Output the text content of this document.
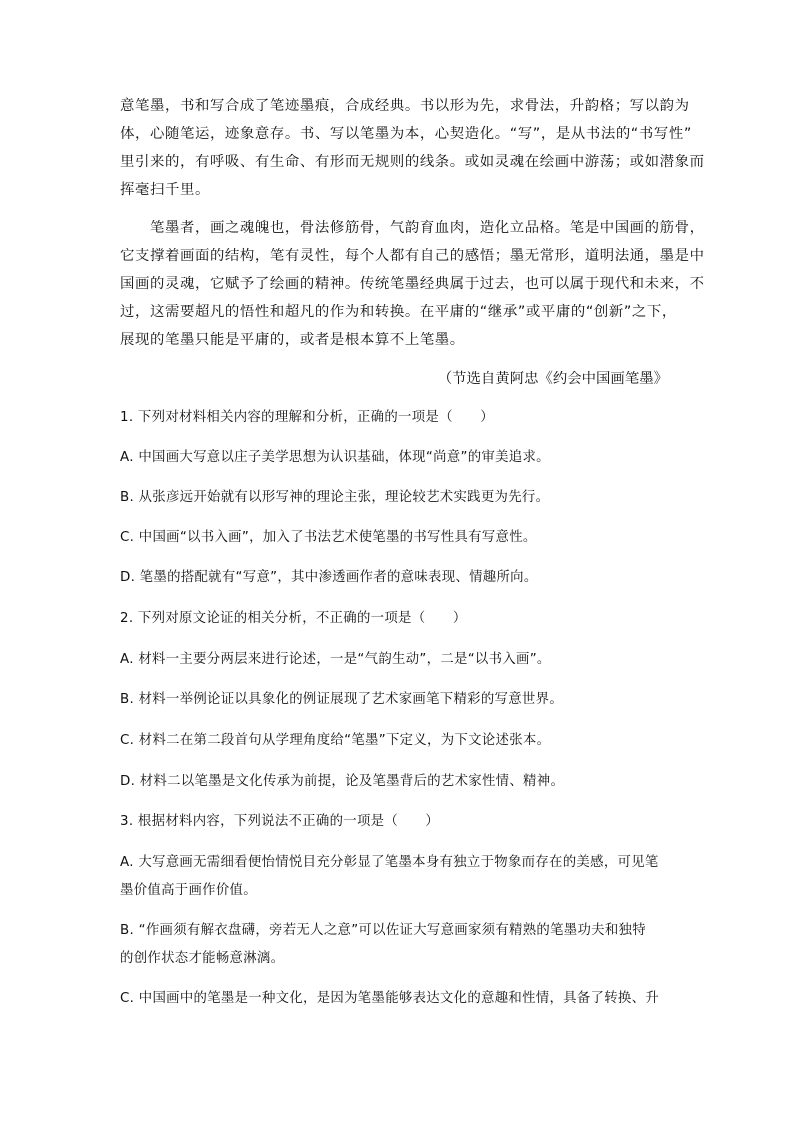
意笔墨，书和写合成了笔迹墨痕，合成经典。书以形为先，求骨法，升韵格；写以韵为
体，心随笔运，迹象意存。书、写以笔墨为本，心契造化。“写”，是从书法的“书写性”
里引来的，有呼吸、有生命、有形而无规则的线条。或如灵魂在绘画中游荡；或如潜象而
挥毫扫千里。

　　笔墨者，画之魂魄也，骨法修筋骨，气韵育血肉，造化立品格。笔是中国画的筋骨，
它支撑着画面的结构，笔有灵性，每个人都有自己的感悟；墨无常形，道明法通，墨是中
国画的灵魂，它赋予了绘画的精神。传统笔墨经典属于过去，也可以属于现代和未来，不
过，这需要超凡的悟性和超凡的作为和转换。在平庸的“继承”或平庸的“创新”之下，
展现的笔墨只能是平庸的，或者是根本算不上笔墨。

（节选自黄阿忠《约会中国画笔墨》

1. 下列对材料相关内容的理解和分析，正确的一项是（　　）

A. 中国画大写意以庄子美学思想为认识基础，体现“尚意”的审美追求。

B. 从张彦远开始就有以形写神的理论主张，理论较艺术实践更为先行。

C. 中国画“以书入画”，加入了书法艺术使笔墨的书写性具有写意性。

D. 笔墨的搭配就有“写意”，其中渗透画作者的意味表现、情趣所向。

2. 下列对原文论证的相关分析，不正确的一项是（　　）

A. 材料一主要分两层来进行论述，一是“气韵生动”，二是“以书入画”。

B. 材料一举例论证以具象化的例证展现了艺术家画笔下精彩的写意世界。

C. 材料二在第二段首句从学理角度给“笔墨”下定义，为下文论述张本。

D. 材料二以笔墨是文化传承为前提，论及笔墨背后的艺术家性情、精神。

3. 根据材料内容，下列说法不正确的一项是（　　）

A. 大写意画无需细看便怡情悦目充分彰显了笔墨本身有独立于物象而存在的美感，可见笔
墨价值高于画作价值。

B. “作画须有解衣盘礴，旁若无人之意”可以佐证大写意画家须有精熟的笔墨功夫和独特
的创作状态才能畅意淋漓。

C. 中国画中的笔墨是一种文化，是因为笔墨能够表达文化的意趣和性情，具备了转换、升
